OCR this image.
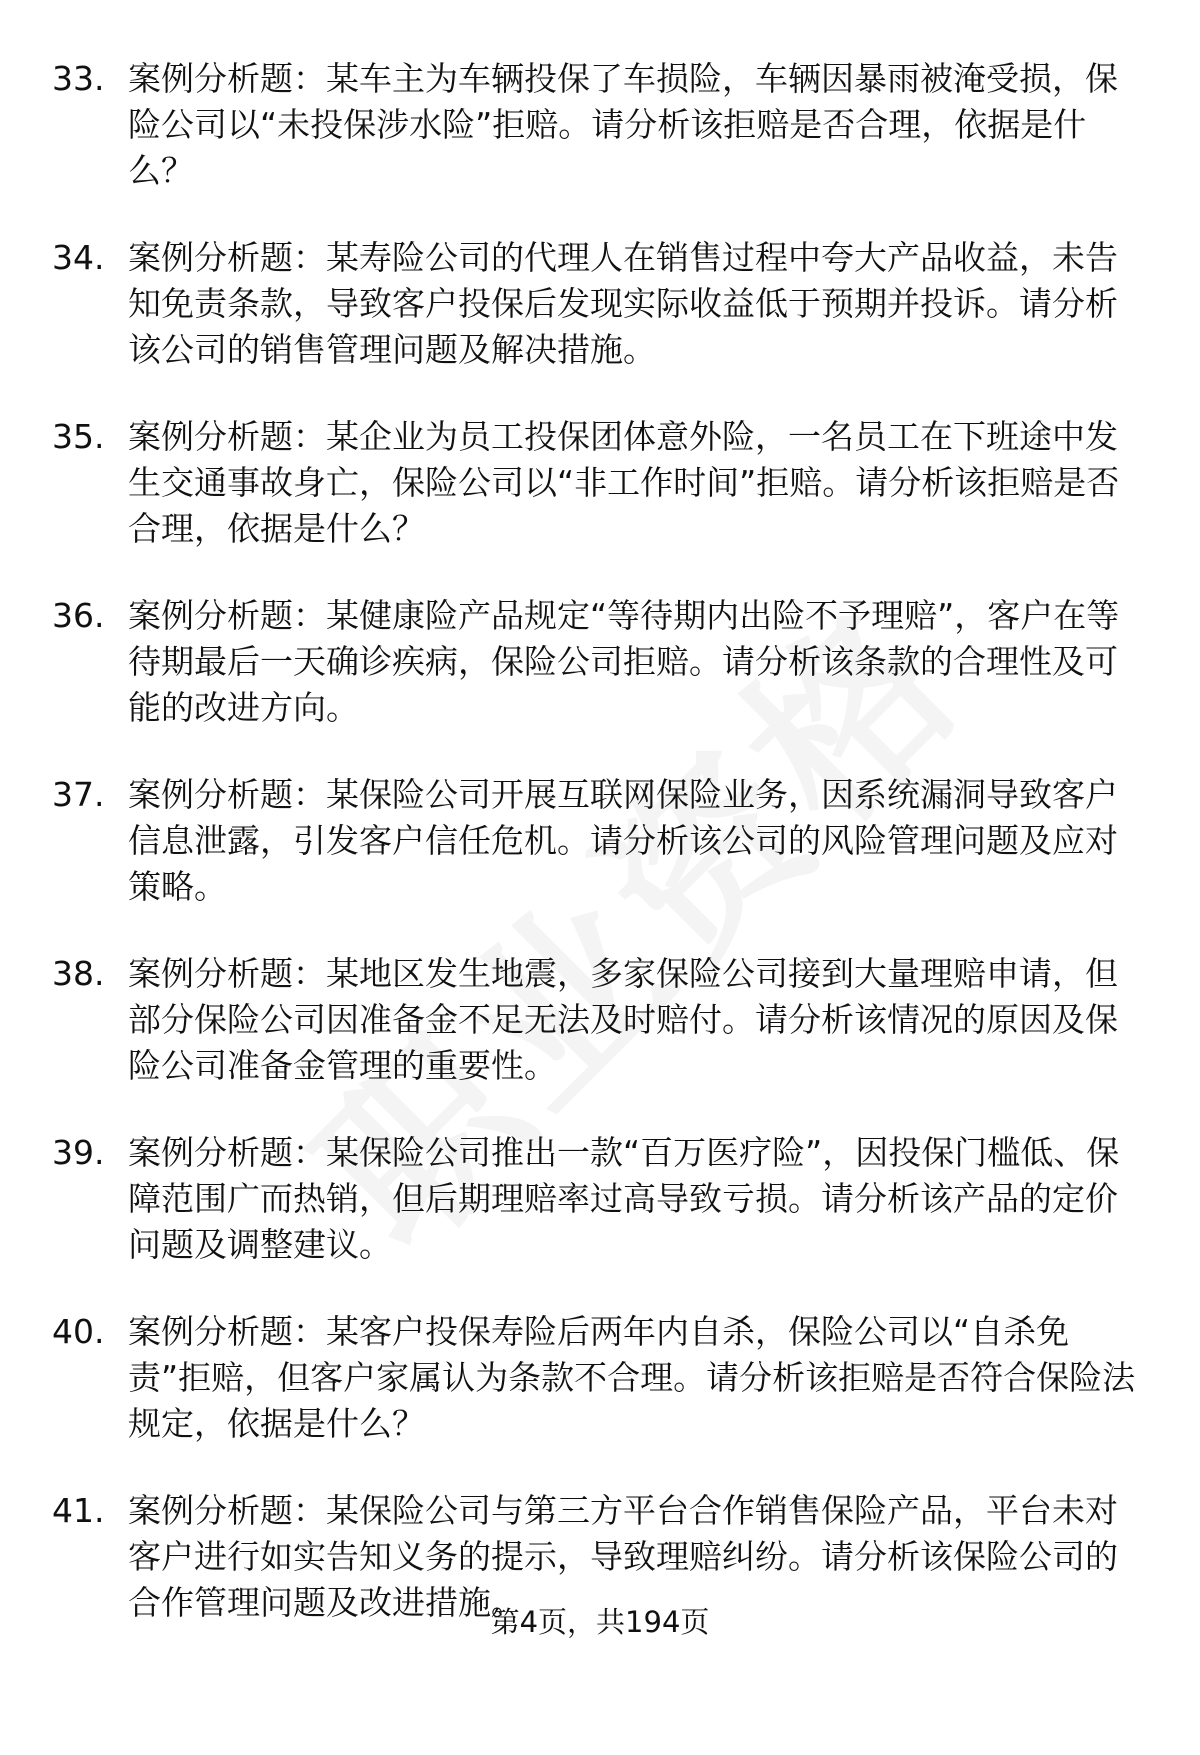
33. 案例分析题：某车主为车辆投保了车损险，车辆因暴雨被淹受损，保险公司以“未投保涉水险”拒赔。请分析该拒赔是否合理，依据是什么？
34. 案例分析题：某寿险公司的代理人在销售过程中夸大产品收益，未告知免责条款，导致客户投保后发现实际收益低于预期并投诉。请分析该公司的销售管理问题及解决措施。
35. 案例分析题：某企业为员工投保团体意外险，一名员工在下班途中发生交通事故身亡，保险公司以“非工作时间”拒赔。请分析该拒赔是否合理，依据是什么？
36. 案例分析题：某健康险产品规定“等待期内出险不予理赔”，客户在等待期最后一天确诊疾病，保险公司拒赔。请分析该条款的合理性及可能的改进方向。
37. 案例分析题：某保险公司开展互联网保险业务，因系统漏洞导致客户信息泄露，引发客户信任危机。请分析该公司的风险管理问题及应对策略。
38. 案例分析题：某地区发生地震，多家保险公司接到大量理赔申请，但部分保险公司因准备金不足无法及时赔付。请分析该情况的原因及保险公司准备金管理的重要性。
39. 案例分析题：某保险公司推出一款“百万医疗险”，因投保门槛低、保障范围广而热销，但后期理赔率过高导致亏损。请分析该产品的定价问题及调整建议。
40. 案例分析题：某客户投保寿险后两年内自杀，保险公司以“自杀免责”拒赔，但客户家属认为条款不合理。请分析该拒赔是否符合保险法规定，依据是什么？
41. 案例分析题：某保险公司与第三方平台合作销售保险产品，平台未对客户进行如实告知义务的提示，导致理赔纠纷。请分析该保险公司的合作管理问题及改进措施。
第4页，共194页
